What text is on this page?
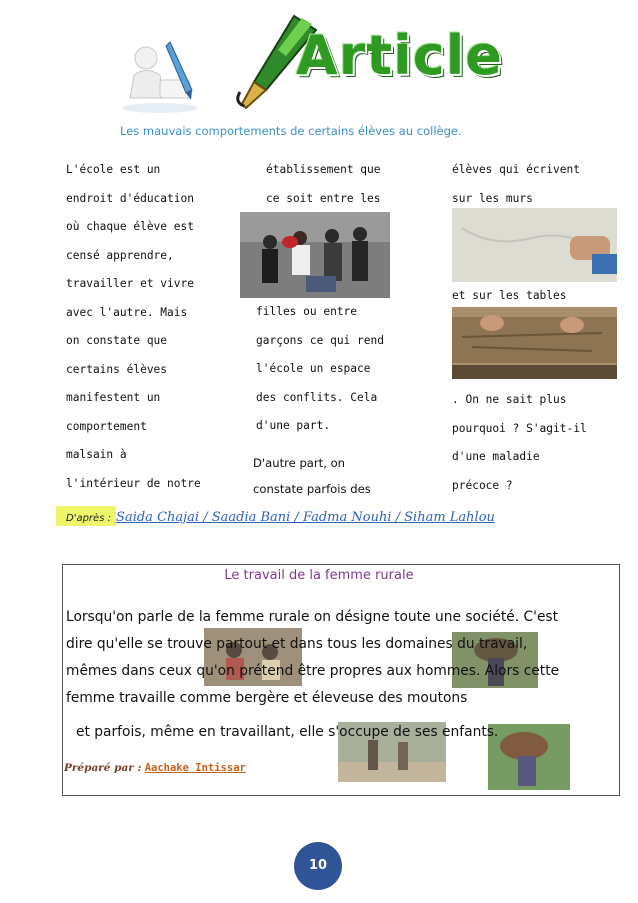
Article
Les mauvais comportements de certains élèves au collège.

L'école est un

endroit d'éducation

où chaque élève est

censé apprendre,

travailler et vivre

avec l'autre. Mais

on constate que

certains élèves

manifestent un

comportement

malsain à

l'intérieur de notre

établissement que

ce soit entre les

filles ou entre

garçons ce qui rend

l'école un espace

des conflits. Cela

d'une part.

D'autre part, on

constate parfois des

élèves qui écrivent

sur les murs

et sur les tables

. On ne sait plus

pourquoi ? S'agit-il

d'une maladie

précoce ?

D'après : Saida Chajai / Saadia Bani / Fadma Nouhi / Siham Lahlou
Le travail de la femme rurale
Lorsqu'on parle de la femme rurale on désigne toute une société. C'est
dire qu'elle se trouve partout et dans tous les domaines du travail,
mêmes dans ceux qu'on prétend être propres aux hommes. Alors cette
femme travaille comme bergère et éleveuse des moutons
et parfois, même en travaillant, elle s'occupe de ses enfants.
Préparé par : Aachake Intissar
10
